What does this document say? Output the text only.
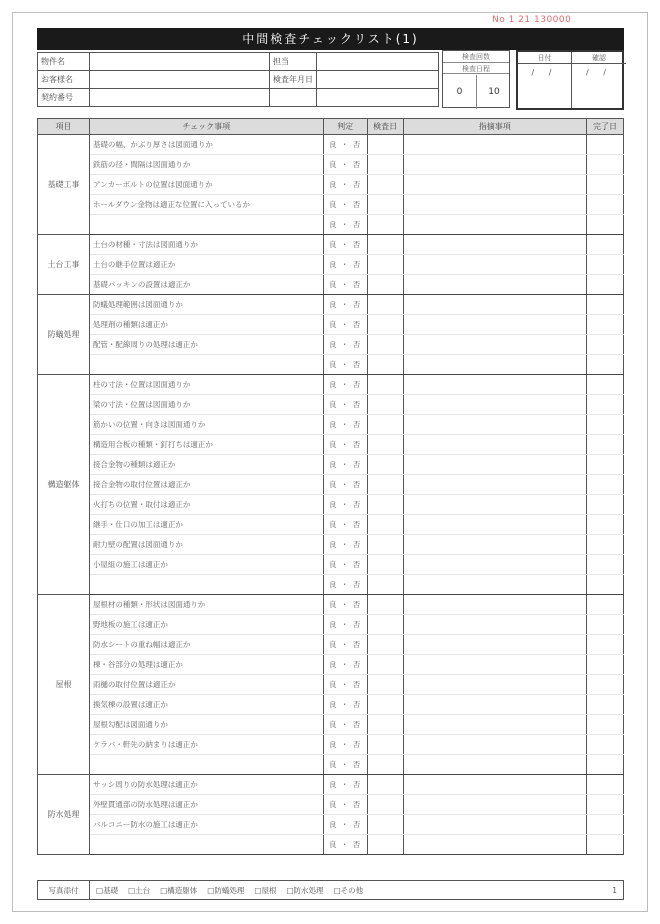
No 1 21 130000
中間検査チェックリスト(1)
物件名		担当	
お客様名		検査年月日	
契約番号			
検査回数
検査日程
0	10
日付
/ /
確認
/ /
項目	チェック事項	判定	検査日	指摘事項	完了日
基礎工事	基礎の幅、かぶり厚さは図面通りか	良 ・ 否			
	鉄筋の径・間隔は図面通りか	良 ・ 否			
	アンカーボルトの位置は図面通りか	良 ・ 否			
	ホールダウン金物は適正な位置に入っているか	良 ・ 否			
		良 ・ 否			
土台工事	土台の材種・寸法は図面通りか	良 ・ 否			
	土台の継手位置は適正か	良 ・ 否			
	基礎パッキンの設置は適正か	良 ・ 否			
防蟻処理	防蟻処理範囲は図面通りか	良 ・ 否			
	処理剤の種類は適正か	良 ・ 否			
	配管・配線周りの処理は適正か	良 ・ 否			
		良 ・ 否			
構造躯体	柱の寸法・位置は図面通りか	良 ・ 否			
	梁の寸法・位置は図面通りか	良 ・ 否			
	筋かいの位置・向きは図面通りか	良 ・ 否			
	構造用合板の種類・釘打ちは適正か	良 ・ 否			
	接合金物の種類は適正か	良 ・ 否			
	接合金物の取付位置は適正か	良 ・ 否			
	火打ちの位置・取付は適正か	良 ・ 否			
	継手・仕口の加工は適正か	良 ・ 否			
	耐力壁の配置は図面通りか	良 ・ 否			
	小屋組の施工は適正か	良 ・ 否			
		良 ・ 否			
屋根	屋根材の種類・形状は図面通りか	良 ・ 否			
	野地板の施工は適正か	良 ・ 否			
	防水シートの重ね幅は適正か	良 ・ 否			
	棟・谷部分の処理は適正か	良 ・ 否			
	雨樋の取付位置は適正か	良 ・ 否			
	換気棟の設置は適正か	良 ・ 否			
	屋根勾配は図面通りか	良 ・ 否			
	ケラバ・軒先の納まりは適正か	良 ・ 否			
		良 ・ 否			
防水処理	サッシ周りの防水処理は適正か	良 ・ 否			
	外壁貫通部の防水処理は適正か	良 ・ 否			
	バルコニー防水の施工は適正か	良 ・ 否			
		良 ・ 否			
写真添付	□基礎 □土台 □構造躯体 □防蟻処理 □屋根 □防水処理 □その他	1
